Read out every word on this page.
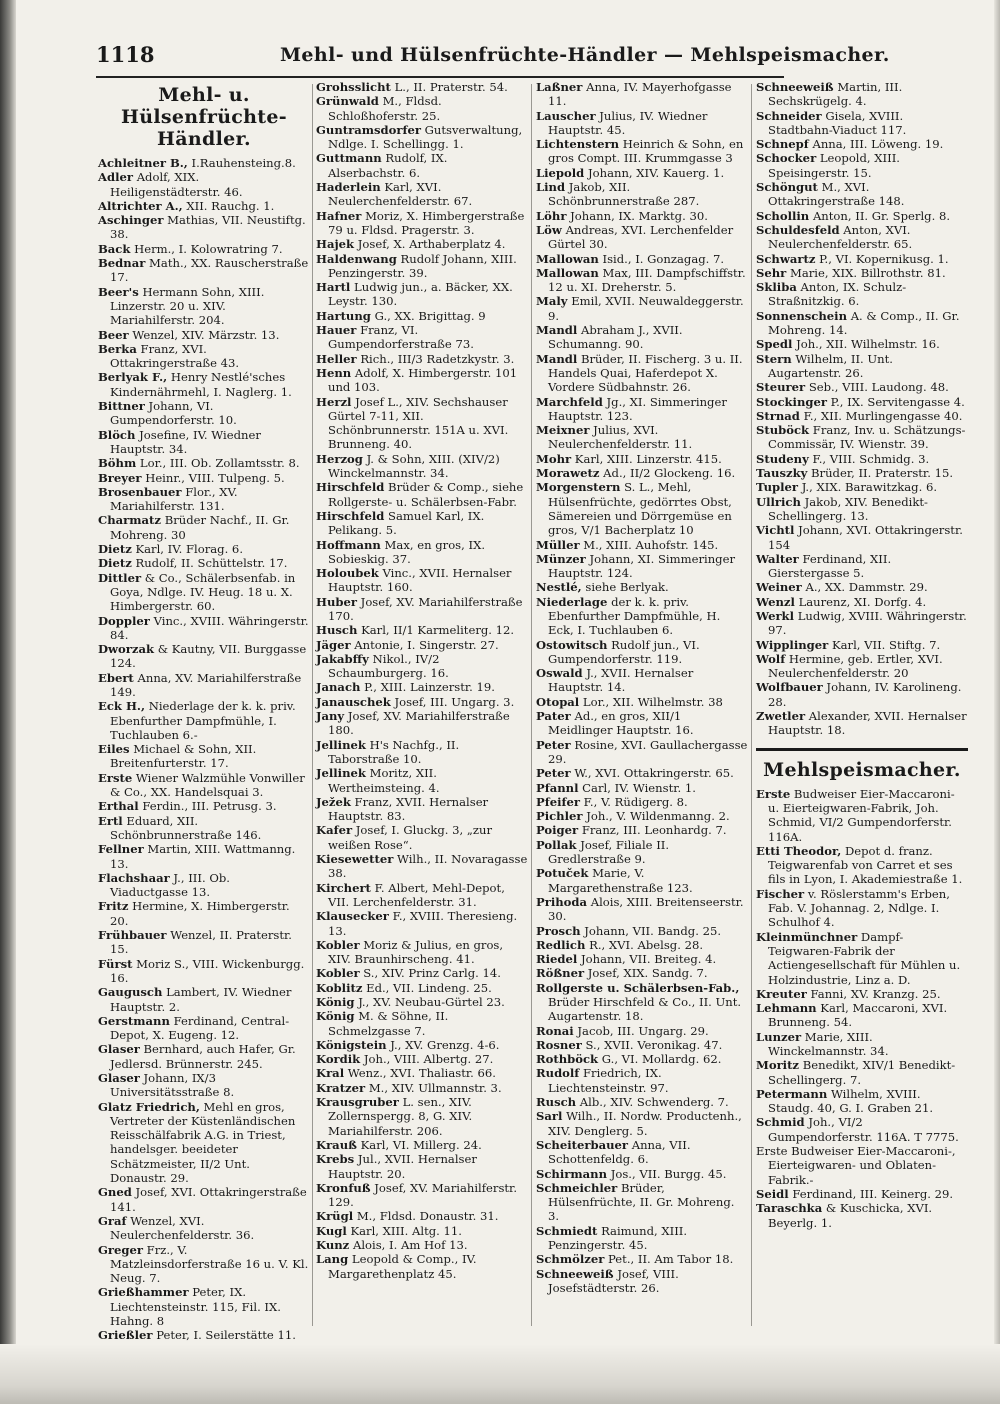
1118	Mehl- und Hülsenfrüchte-Händler — Mehlspeismacher.
Mehl- u. Hülsenfrüchte-Händler.

Achleitner B., I.Rauhensteing.8.

Adler Adolf, XIX. Heiligenstädterstr. 46.

Altrichter A., XII. Rauchg. 1.

Aschinger Mathias, VII. Neustiftg. 38.

Back Herm., I. Kolowratring 7.

Bednar Math., XX. Rauscherstraße 17.

Beer's Hermann Sohn, XIII. Linzerstr. 20 u. XIV. Mariahilferstr. 204.

Beer Wenzel, XIV. Märzstr. 13.

Berka Franz, XVI. Ottakringerstraße 43.

Berlyak F., Henry Nestlé'sches Kindernährmehl, I. Naglerg. 1.

Bittner Johann, VI. Gumpendorferstr. 10.

Blöch Josefine, IV. Wiedner Hauptstr. 34.

Böhm Lor., III. Ob. Zollamtsstr. 8.

Breyer Heinr., VIII. Tulpeng. 5.

Brosenbauer Flor., XV. Mariahilferstr. 131.

Charmatz Brüder Nachf., II. Gr. Mohreng. 30

Dietz Karl, IV. Florag. 6.

Dietz Rudolf, II. Schüttelstr. 17.

Dittler & Co., Schälerbsenfab. in Goya, Ndlge. IV. Heug. 18 u. X. Himbergerstr. 60.

Doppler Vinc., XVIII. Währingerstr. 84.

Dworzak & Kautny, VII. Burggasse 124.

Ebert Anna, XV. Mariahilferstraße 149.

Eck H., Niederlage der k. k. priv. Ebenfurther Dampfmühle, I. Tuchlauben 6.-

Eiles Michael & Sohn, XII. Breitenfurterstr. 17.

Erste Wiener Walzmühle Vonwiller & Co., XX. Handelsquai 3.

Erthal Ferdin., III. Petrusg. 3.

Ertl Eduard, XII. Schönbrunnerstraße 146.

Fellner Martin, XIII. Wattmanng. 13.

Flachshaar J., III. Ob. Viaductgasse 13.

Fritz Hermine, X. Himbergerstr. 20.

Frühbauer Wenzel, II. Praterstr. 15.

Fürst Moriz S., VIII. Wickenburgg. 16.

Gaugusch Lambert, IV. Wiedner Hauptstr. 2.

Gerstmann Ferdinand, Central-Depot, X. Eugeng. 12.

Glaser Bernhard, auch Hafer, Gr. Jedlersd. Brünnerstr. 245.

Glaser Johann, IX/3 Universitätsstraße 8.

Glatz Friedrich, Mehl en gros, Vertreter der Küstenländischen Reisschälfabrik A.G. in Triest, handelsger. beeideter Schätzmeister, II/2 Unt. Donaustr. 29.

Gned Josef, XVI. Ottakringerstraße 141.

Graf Wenzel, XVI. Neulerchenfelderstr. 36.

Greger Frz., V. Matzleinsdorferstraße 16 u. V. Kl. Neug. 7.

Grießhammer Peter, IX. Liechtensteinstr. 115, Fil. IX. Hahng. 8

Grießler Peter, I. Seilerstätte 11.

Grohsslicht L., II. Praterstr. 54.

Grünwald M., Fldsd. Schloßhoferstr. 25.

Guntramsdorfer Gutsverwaltung, Ndlge. I. Schellingg. 1.

Guttmann Rudolf, IX. Alserbachstr. 6.

Haderlein Karl, XVI. Neulerchenfelderstr. 67.

Hafner Moriz, X. Himbergerstraße 79 u. Fldsd. Pragerstr. 3.

Hajek Josef, X. Arthaberplatz 4.

Haldenwang Rudolf Johann, XIII. Penzingerstr. 39.

Hartl Ludwig jun., a. Bäcker, XX. Leystr. 130.

Hartung G., XX. Brigittag. 9

Hauer Franz, VI. Gumpendorferstraße 73.

Heller Rich., III/3 Radetzkystr. 3.

Henn Adolf, X. Himbergerstr. 101 und 103.

Herzl Josef L., XIV. Sechshauser Gürtel 7-11, XII. Schönbrunnerstr. 151A u. XVI. Brunneng. 40.

Herzog J. & Sohn, XIII. (XIV/2) Winckelmannstr. 34.

Hirschfeld Brüder & Comp., siehe Rollgerste- u. Schälerbsen-Fabr.

Hirschfeld Samuel Karl, IX. Pelikang. 5.

Hoffmann Max, en gros, IX. Sobieskig. 37.

Holoubek Vinc., XVII. Hernalser Hauptstr. 160.

Huber Josef, XV. Mariahilferstraße 170.

Husch Karl, II/1 Karmeliterg. 12.

Jäger Antonie, I. Singerstr. 27.

Jakabffy Nikol., IV/2 Schaumburgerg. 16.

Janach P., XIII. Lainzerstr. 19.

Janauschek Josef, III. Ungarg. 3.

Jany Josef, XV. Mariahilferstraße 180.

Jellinek H's Nachfg., II. Taborstraße 10.

Jellinek Moritz, XII. Wertheimsteing. 4.

Ježek Franz, XVII. Hernalser Hauptstr. 83.

Kafer Josef, I. Gluckg. 3, „zur weißen Rose“.

Kiesewetter Wilh., II. Novaragasse 38.

Kirchert F. Albert, Mehl-Depot, VII. Lerchenfelderstr. 31.

Klausecker F., XVIII. Theresieng. 13.

Kobler Moriz & Julius, en gros, XIV. Braunhirscheng. 41.

Kobler S., XIV. Prinz Carlg. 14.

Koblitz Ed., VII. Lindeng. 25.

König J., XV. Neubau-Gürtel 23.

König M. & Söhne, II. Schmelzgasse 7.

Königstein J., XV. Grenzg. 4-6.

Kordik Joh., VIII. Albertg. 27.

Kral Wenz., XVI. Thaliastr. 66.

Kratzer M., XIV. Ullmannstr. 3.

Krausgruber L. sen., XIV. Zollernspergg. 8, G. XIV. Mariahilferstr. 206.

Krauß Karl, VI. Millerg. 24.

Krebs Jul., XVII. Hernalser Hauptstr. 20.

Kronfuß Josef, XV. Mariahilferstr. 129.

Krügl M., Fldsd. Donaustr. 31.

Kugl Karl, XIII. Altg. 11.

Kunz Alois, I. Am Hof 13.

Lang Leopold & Comp., IV. Margarethenplatz 45.

Laßner Anna, IV. Mayerhofgasse 11.

Lauscher Julius, IV. Wiedner Hauptstr. 45.

Lichtenstern Heinrich & Sohn, en gros Compt. III. Krummgasse 3

Liepold Johann, XIV. Kauerg. 1.

Lind Jakob, XII. Schönbrunnerstraße 287.

Löhr Johann, IX. Marktg. 30.

Löw Andreas, XVI. Lerchenfelder Gürtel 30.

Mallowan Isid., I. Gonzagag. 7.

Mallowan Max, III. Dampfschiffstr. 12 u. XI. Dreherstr. 5.

Maly Emil, XVII. Neuwaldeggerstr. 9.

Mandl Abraham J., XVII. Schumanng. 90.

Mandl Brüder, II. Fischerg. 3 u. II. Handels Quai, Haferdepot X. Vordere Südbahnstr. 26.

Marchfeld Jg., XI. Simmeringer Hauptstr. 123.

Meixner Julius, XVI. Neulerchenfelderstr. 11.

Mohr Karl, XIII. Linzerstr. 415.

Morawetz Ad., II/2 Glockeng. 16.

Morgenstern S. L., Mehl, Hülsenfrüchte, gedörrtes Obst, Sämereien und Dörrgemüse en gros, V/1 Bacherplatz 10

Müller M., XIII. Auhofstr. 145.

Münzer Johann, XI. Simmeringer Hauptstr. 124.

Nestlé, siehe Berlyak.

Niederlage der k. k. priv. Ebenfurther Dampfmühle, H. Eck, I. Tuchlauben 6.

Ostowitsch Rudolf jun., VI. Gumpendorferstr. 119.

Oswald J., XVII. Hernalser Hauptstr. 14.

Otopal Lor., XII. Wilhelmstr. 38

Pater Ad., en gros, XII/1 Meidlinger Hauptstr. 16.

Peter Rosine, XVI. Gaullachergasse 29.

Peter W., XVI. Ottakringerstr. 65.

Pfannl Carl, IV. Wienstr. 1.

Pfeifer F., V. Rüdigerg. 8.

Pichler Joh., V. Wildenmanng. 2.

Poiger Franz, III. Leonhardg. 7.

Pollak Josef, Filiale II. Gredlerstraße 9.

Potuček Marie, V. Margarethenstraße 123.

Prihoda Alois, XIII. Breitenseerstr. 30.

Prosch Johann, VII. Bandg. 25.

Redlich R., XVI. Abelsg. 28.

Riedel Johann, VII. Breiteg. 4.

Rößner Josef, XIX. Sandg. 7.

Rollgerste u. Schälerbsen-Fab., Brüder Hirschfeld & Co., II. Unt. Augartenstr. 18.

Ronai Jacob, III. Ungarg. 29.

Rosner S., XVII. Veronikag. 47.

Rothböck G., VI. Mollardg. 62.

Rudolf Friedrich, IX. Liechtensteinstr. 97.

Rusch Alb., XIV. Schwenderg. 7.

Sarl Wilh., II. Nordw. Productenh., XIV. Denglerg. 5.

Scheiterbauer Anna, VII. Schottenfeldg. 6.

Schirmann Jos., VII. Burgg. 45.

Schmeichler Brüder, Hülsenfrüchte, II. Gr. Mohreng. 3.

Schmiedt Raimund, XIII. Penzingerstr. 45.

Schmölzer Pet., II. Am Tabor 18.

Schneeweiß Josef, VIII. Josefstädterstr. 26.

Schneeweiß Martin, III. Sechskrügelg. 4.

Schneider Gisela, XVIII. Stadtbahn-Viaduct 117.

Schnepf Anna, III. Löweng. 19.

Schocker Leopold, XIII. Speisingerstr. 15.

Schöngut M., XVI. Ottakringerstraße 148.

Schollin Anton, II. Gr. Sperlg. 8.

Schuldesfeld Anton, XVI. Neulerchenfelderstr. 65.

Schwartz P., VI. Kopernikusg. 1.

Sehr Marie, XIX. Billrothstr. 81.

Skliba Anton, IX. Schulz-Straßnitzkig. 6.

Sonnenschein A. & Comp., II. Gr. Mohreng. 14.

Spedl Joh., XII. Wilhelmstr. 16.

Stern Wilhelm, II. Unt. Augartenstr. 26.

Steurer Seb., VIII. Laudong. 48.

Stockinger P., IX. Servitengasse 4.

Strnad F., XII. Murlingengasse 40.

Stuböck Franz, Inv. u. Schätzungs-Commissär, IV. Wienstr. 39.

Studeny F., VIII. Schmidg. 3.

Tauszky Brüder, II. Praterstr. 15.

Tupler J., XIX. Barawitzkag. 6.

Ullrich Jakob, XIV. Benedikt-Schellingerg. 13.

Vichtl Johann, XVI. Ottakringerstr. 154

Walter Ferdinand, XII. Gierstergasse 5.

Weiner A., XX. Dammstr. 29.

Wenzl Laurenz, XI. Dorfg. 4.

Werkl Ludwig, XVIII. Währingerstr. 97.

Wipplinger Karl, VII. Stiftg. 7.

Wolf Hermine, geb. Ertler, XVI. Neulerchenfelderstr. 20

Wolfbauer Johann, IV. Karolineng. 28.

Zwetler Alexander, XVII. Hernalser Hauptstr. 18.

Mehlspeismacher.

Erste Budweiser Eier-Maccaroni- u. Eierteigwaren-Fabrik, Joh. Schmid, VI/2 Gumpendorferstr. 116A.

Etti Theodor, Depot d. franz. Teigwarenfab von Carret et ses fils in Lyon, I. Akademiestraße 1.

Fischer v. Röslerstamm's Erben, Fab. V. Johannag. 2, Ndlge. I. Schulhof 4.

Kleinmünchner Dampf-Teigwaren-Fabrik der Actiengesellschaft für Mühlen u. Holzindustrie, Linz a. D.

Kreuter Fanni, XV. Kranzg. 25.

Lehmann Karl, Maccaroni, XVI. Brunneng. 54.

Lunzer Marie, XIII. Winckelmannstr. 34.

Moritz Benedikt, XIV/1 Benedikt-Schellingerg. 7.

Petermann Wilhelm, XVIII. Staudg. 40, G. I. Graben 21.

Schmid Joh., VI/2 Gumpendorferstr. 116A. T 7775.

Erste Budweiser Eier-Maccaroni-, Eierteigwaren- und Oblaten-Fabrik.-

Seidl Ferdinand, III. Keinerg. 29.

Taraschka & Kuschicka, XVI. Beyerlg. 1.
